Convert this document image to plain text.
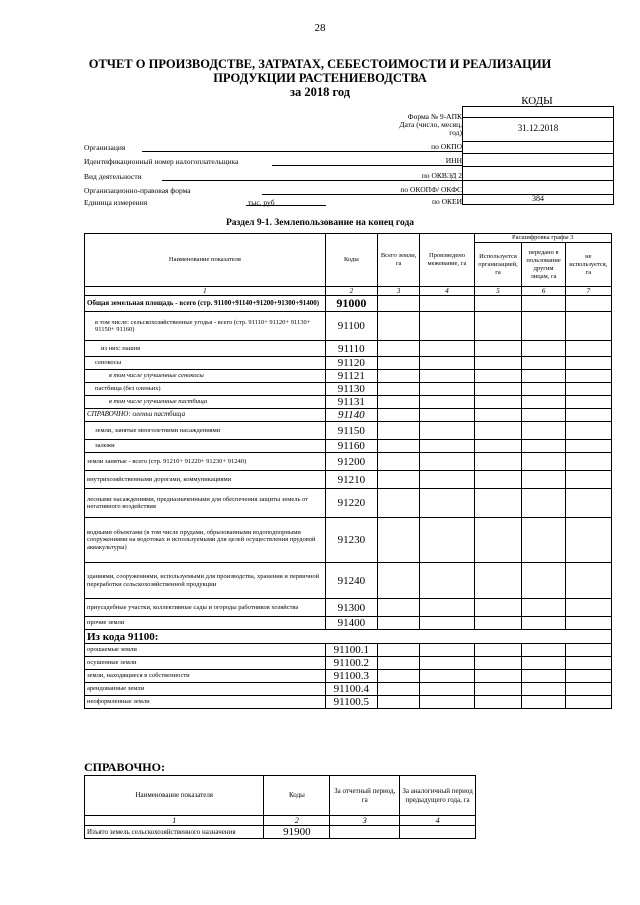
28
ОТЧЕТ О ПРОИЗВОДСТВЕ, ЗАТРАТАХ, СЕБЕСТОИМОСТИ И РЕАЛИЗАЦИИ
ПРОДУКЦИИ РАСТЕНИЕВОДСТВА
за 2018 год
КОДЫ
Форма № 9-АПК
Дата (число, месяц, год)	31.12.2018
Организация	по ОКПО
Идентификационный номер налогоплательщика	ИНН
Вид деятельности	по ОКВЭД 2
Организационно-правовая форма	по ОКОПФ/ ОКФС
Единица измерения	тыс. руб	по ОКЕИ	384
Раздел 9-1. Землепользование на конец года
Наименование показателя	Коды	Всего земли, га	Произведено межевание, га	Расшифровка графы 3		
				Используется организацией, га	передано в пользование другим лицам, га	не используется, га
1	2	3	4	5	6	7
Общая земельная площадь - всего (стр. 91100+91140+91200+91300+91400)	91000					
в том числе: сельскохозяйственные угодья - всего (стр. 91110+ 91120+ 91130+ 91150+ 91160)	91100					
из них: пашня	91110					
сенокосы	91120					
в том числе улучшенные сенокосы	91121					
пастбища (без оленьих)	91130					
в том числе улучшенные пастбища	91131					
СПРАВОЧНО: оленьи пастбища	91140					
земли, занятые многолетними насаждениями	91150					
залежи	91160					
земли занятые - всего (стр. 91210+ 91220+ 91230+ 91240)	91200					
внутрихозяйственными дорогами, коммуникациями	91210					
лесными насаждениями, предназначенными для обеспечения защиты земель от негативного воздействия	91220					
водными объектами (в том числе прудами, обрызованными водоподпорными сооружениями на водотоках и используемыми для целей осуществления прудовой аквакультуры)	91230					
зданиями, сооружениями, используемыми для производства, хранения и первичной переработки сельскохозяйственной продукции	91240					
приусадебные участки, коллективные сады и огороды работников хозяйства	91300					
прочие земли	91400					
Из кода 91100:						
орошаемые земли	91100.1					
осушенные земли	91100.2					
земли, находящиеся в собственности	91100.3					
арендованные земли	91100.4					
неоформленные земли	91100.5					
СПРАВОЧНО:
Наименование показателя	Коды	За отчетный период, га	За аналогичный период предыдущего года, га
1	2	3	4
Изъято земель сельскохозяйственного назначения	91900		
